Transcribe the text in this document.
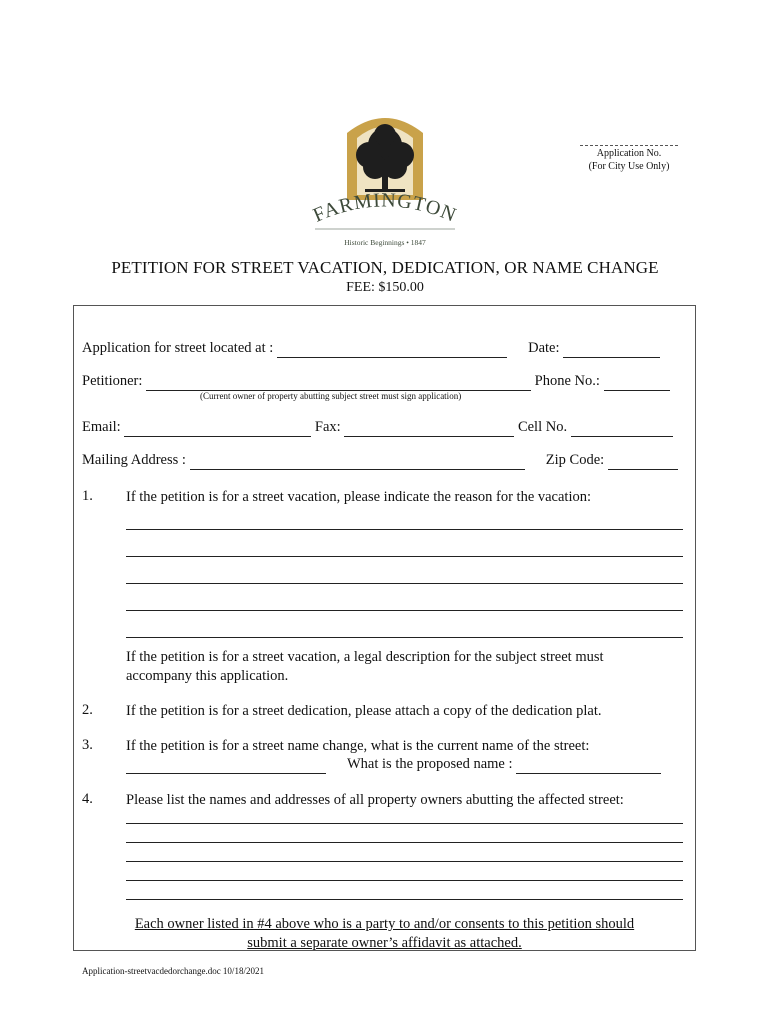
FARMINGTON
Historic Beginnings • 1847
Application No.
(For City Use Only)
PETITION FOR STREET VACATION, DEDICATION, OR NAME CHANGE
FEE: $150.00
Application for street located at :	Date:
Petitioner:	Phone No.:
(Current owner of property abutting subject street must sign application)
Email:	Fax:	Cell No.
Mailing Address :	Zip Code:
1. If the petition is for a street vacation, please indicate the reason for the vacation:
If the petition is for a street vacation, a legal description for the subject street must accompany this application.
2. If the petition is for a street dedication, please attach a copy of the dedication plat.
3. If the petition is for a street name change, what is the current name of the street:
What is the proposed name :
4. Please list the names and addresses of all property owners abutting the affected street:
Each owner listed in #4 above who is a party to and/or consents to this petition should
submit a separate owner’s affidavit as attached.
Application-streetvacdedorchange.doc 10/18/2021
